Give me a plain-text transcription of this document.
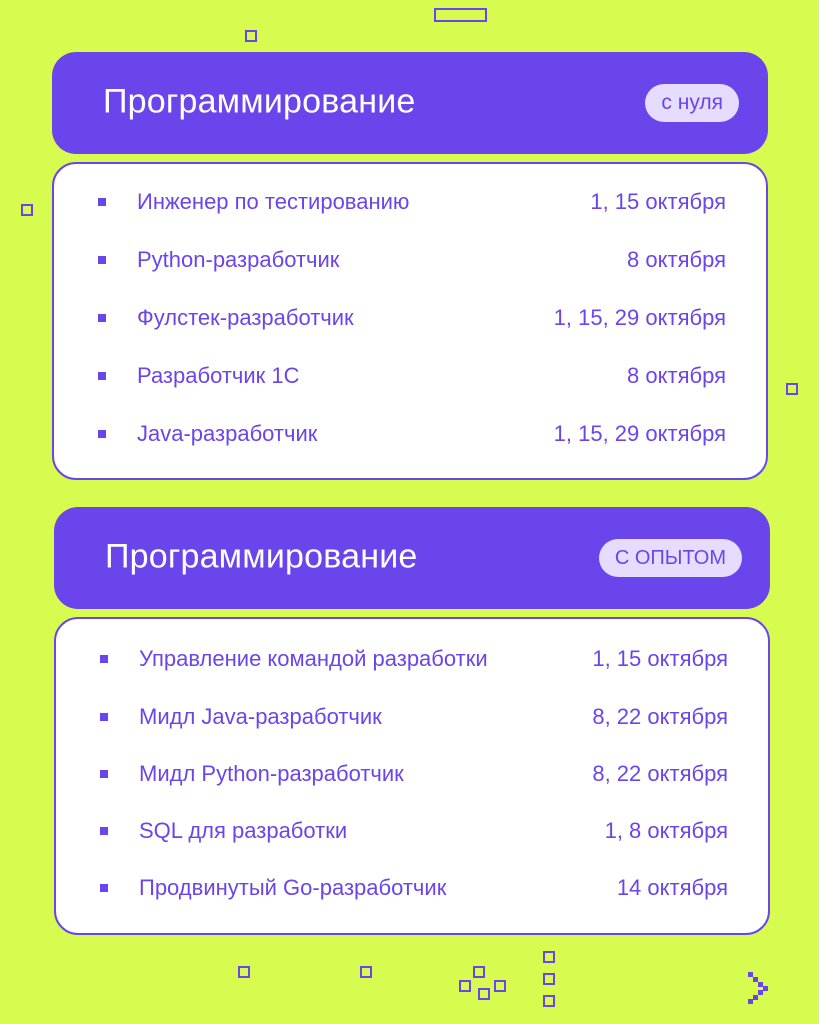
Программирование	с нуля
Инженер по тестированию	1, 15 октября
Python-разработчик	8 октября
Фулстек-разработчик	1, 15, 29 октября
Разработчик 1С	8 октября
Java-разработчик	1, 15, 29 октября
Программирование	С ОПЫТОМ
Управление командой разработки	1, 15 октября
Мидл Java-разработчик	8, 22 октября
Мидл Python-разработчик	8, 22 октября
SQL для разработки	1, 8 октября
Продвинутый Go-разработчик	14 октября
